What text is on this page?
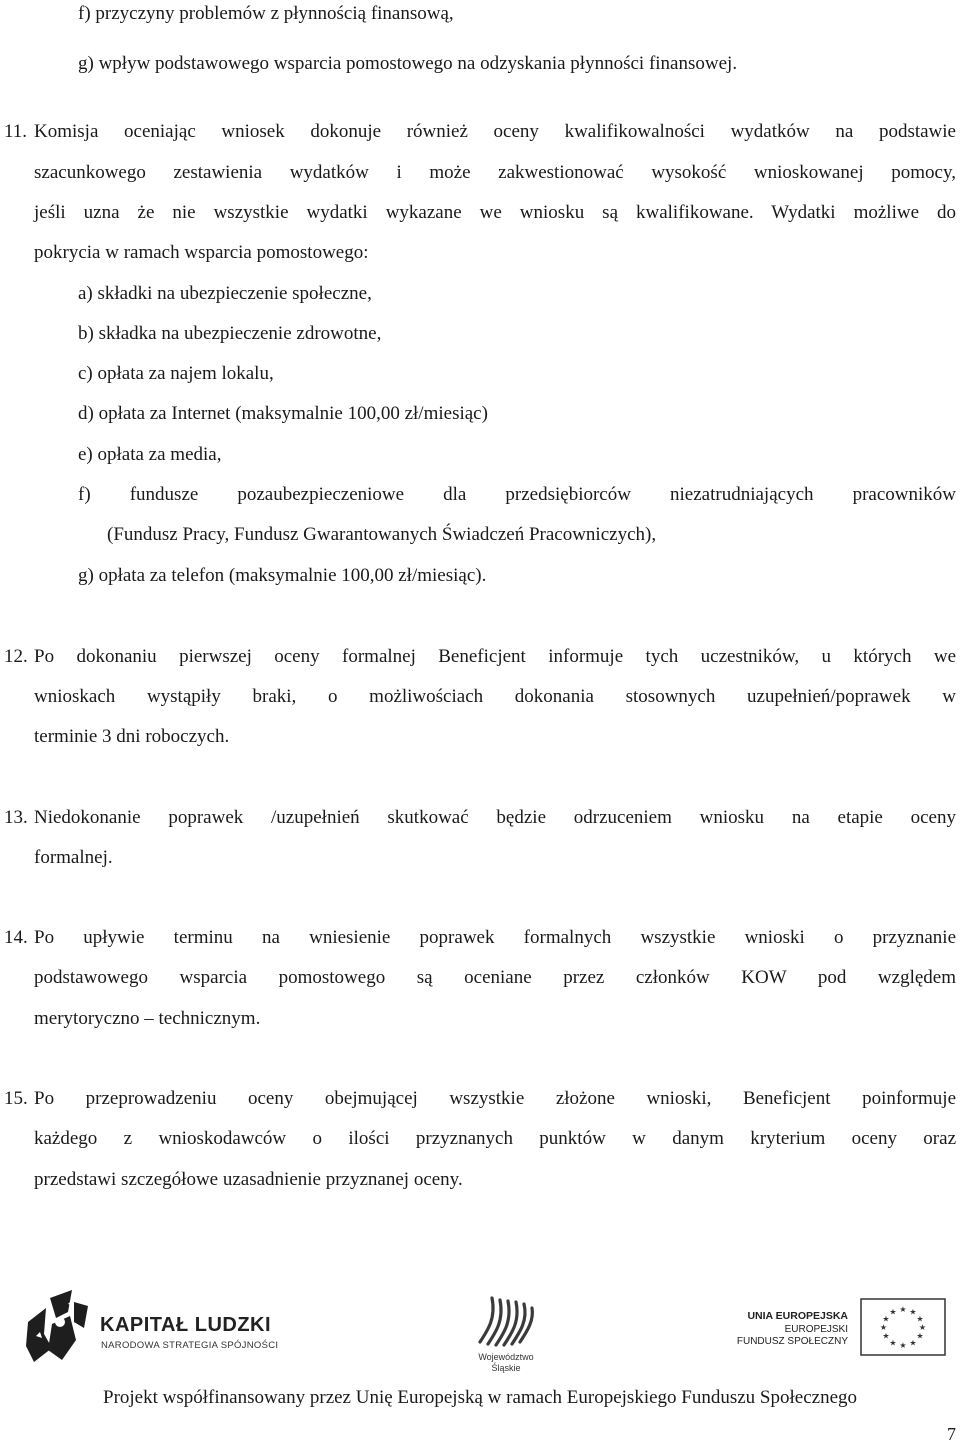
f) przyczyny problemów z płynnością finansową,
g) wpływ podstawowego wsparcia pomostowego na odzyskania płynności finansowej.
11. Komisja oceniając wniosek dokonuje również oceny kwalifikowalności wydatków na podstawie
szacunkowego zestawienia wydatków i może zakwestionować wysokość wnioskowanej pomocy,
jeśli uzna że nie wszystkie wydatki wykazane we wniosku są kwalifikowane. Wydatki możliwe do
pokrycia w ramach wsparcia pomostowego:
a) składki na ubezpieczenie społeczne,
b) składka na ubezpieczenie zdrowotne,
c) opłata za najem lokalu,
d) opłata za Internet (maksymalnie 100,00 zł/miesiąc)
e) opłata za media,
f) fundusze pozaubezpieczeniowe dla przedsiębiorców niezatrudniających pracowników
(Fundusz Pracy, Fundusz Gwarantowanych Świadczeń Pracowniczych),
g) opłata za telefon (maksymalnie 100,00 zł/miesiąc).
12. Po dokonaniu pierwszej oceny formalnej Beneficjent informuje tych uczestników, u których we
wnioskach wystąpiły braki, o możliwościach dokonania stosownych uzupełnień/poprawek w
terminie 3 dni roboczych.
13. Niedokonanie poprawek /uzupełnień skutkować będzie odrzuceniem wniosku na etapie oceny
formalnej.
14. Po upływie terminu na wniesienie poprawek formalnych wszystkie wnioski o przyznanie
podstawowego wsparcia pomostowego są oceniane przez członków KOW pod względem
merytoryczno – technicznym.
15. Po przeprowadzeniu oceny obejmującej wszystkie złożone wnioski, Beneficjent poinformuje
każdego z wnioskodawców o ilości przyznanych punktów w danym kryterium oceny oraz
przedstawi szczegółowe uzasadnienie przyznanej oceny.
KAPITAŁ LUDZKI
NARODOWA STRATEGIA SPÓJNOŚCI
Województwo
Śląskie
UNIA EUROPEJSKA
EUROPEJSKI
FUNDUSZ SPOŁECZNY
★ ★
★
★
★
★
★
★
★
★
★
★
Projekt współfinansowany przez Unię Europejską w ramach Europejskiego Funduszu Społecznego
7
